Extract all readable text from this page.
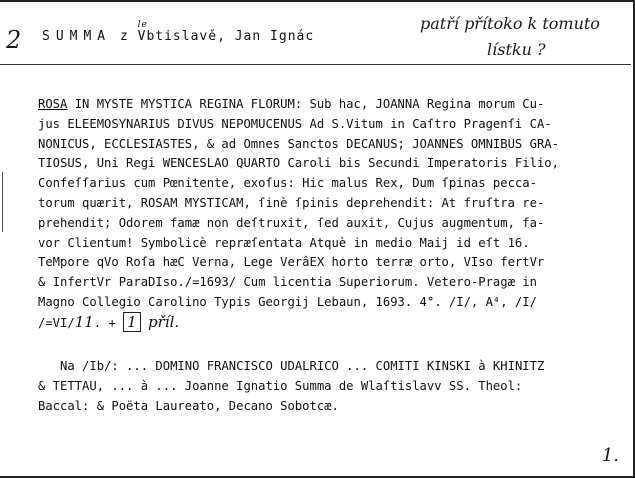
2 SUMMA z
le
Vbtislavě, Jan Ignác
patří přítoko k tomuto
lístku ?
ROSA IN MYSTE MYSTICA REGINA FLORUM: Sub hac, JOANNA Regina morum Cu-
jus ELEEMOSYNARIUS DIVUS NEPOMUCENUS Ad S.Vitum in Caſtro Pragenſi CA-
NONICUS, ECCLESIASTES, & ad Omnes Sanctos DECANUS; JOANNES OMNIBUS GRA-
TIOSUS, Uni Regi WENCESLAO QUARTO Caroli bis Secundi Imperatoris Filio,
Confeſſarius cum Pœnitente, exoſus: Hic malus Rex, Dum ſpinas pecca-
torum quærit, ROSAM MYSTICAM, ſinè ſpinis deprehendit: At fruſtra re-
prehendit; Odorem famæ non deſtruxit, ſed auxit, Cujus augmentum, fa-
vor Clientum! Symbolicè repræſentata Atquè in medio Maij id eſt 16.
TeMpore qVo Roſa hæC Verna, Lege VerâEX horto terræ orto, VIso fertVr
& InfertVr ParaDIso./=1693/ Cum licentia Superiorum. Vetero-Pragæ in
Magno Collegio Carolino Typis Georgij Lebaun, 1693. 4°. /I/, A⁴, /I/
/=VI/11. + 1 příl.
Na /Ib/: ... DOMINO FRANCISCO UDALRICO ... COMITI KINSKI à KHINITZ
& TETTAU, ... à ... Joanne Ignatio Summa de Wlaſtislavv SS. Theol:
Baccal: & Poëta Laureato, Decano Sobotcæ.
1.
